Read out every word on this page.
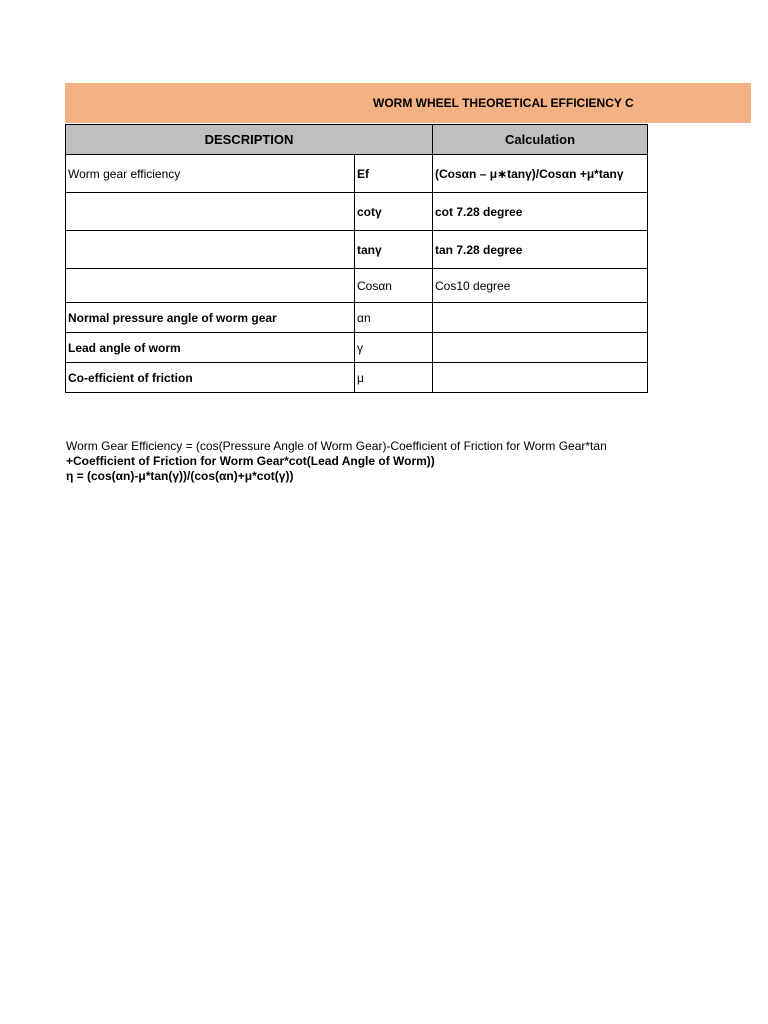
WORM WHEEL THEORETICAL EFFICIENCY C
DESCRIPTION		Calculation
Worm gear efficiency	Ef	(Cosαn – μ∗tanγ)/Cosαn +μ*tanγ
	cotγ	cot 7.28 degree
	tanγ	tan 7.28 degree
	Cosαn	Cos10 degree
Normal pressure angle of worm gear	αn	
Lead angle of worm	γ	
Co-efficient of friction	μ	
Worm Gear Efficiency = (cos(Pressure Angle of Worm Gear)-Coefficient of Friction for Worm Gear*tan
+Coefficient of Friction for Worm Gear*cot(Lead Angle of Worm))
η = (cos(αn)-μ*tan(γ))/(cos(αn)+μ*cot(γ))
